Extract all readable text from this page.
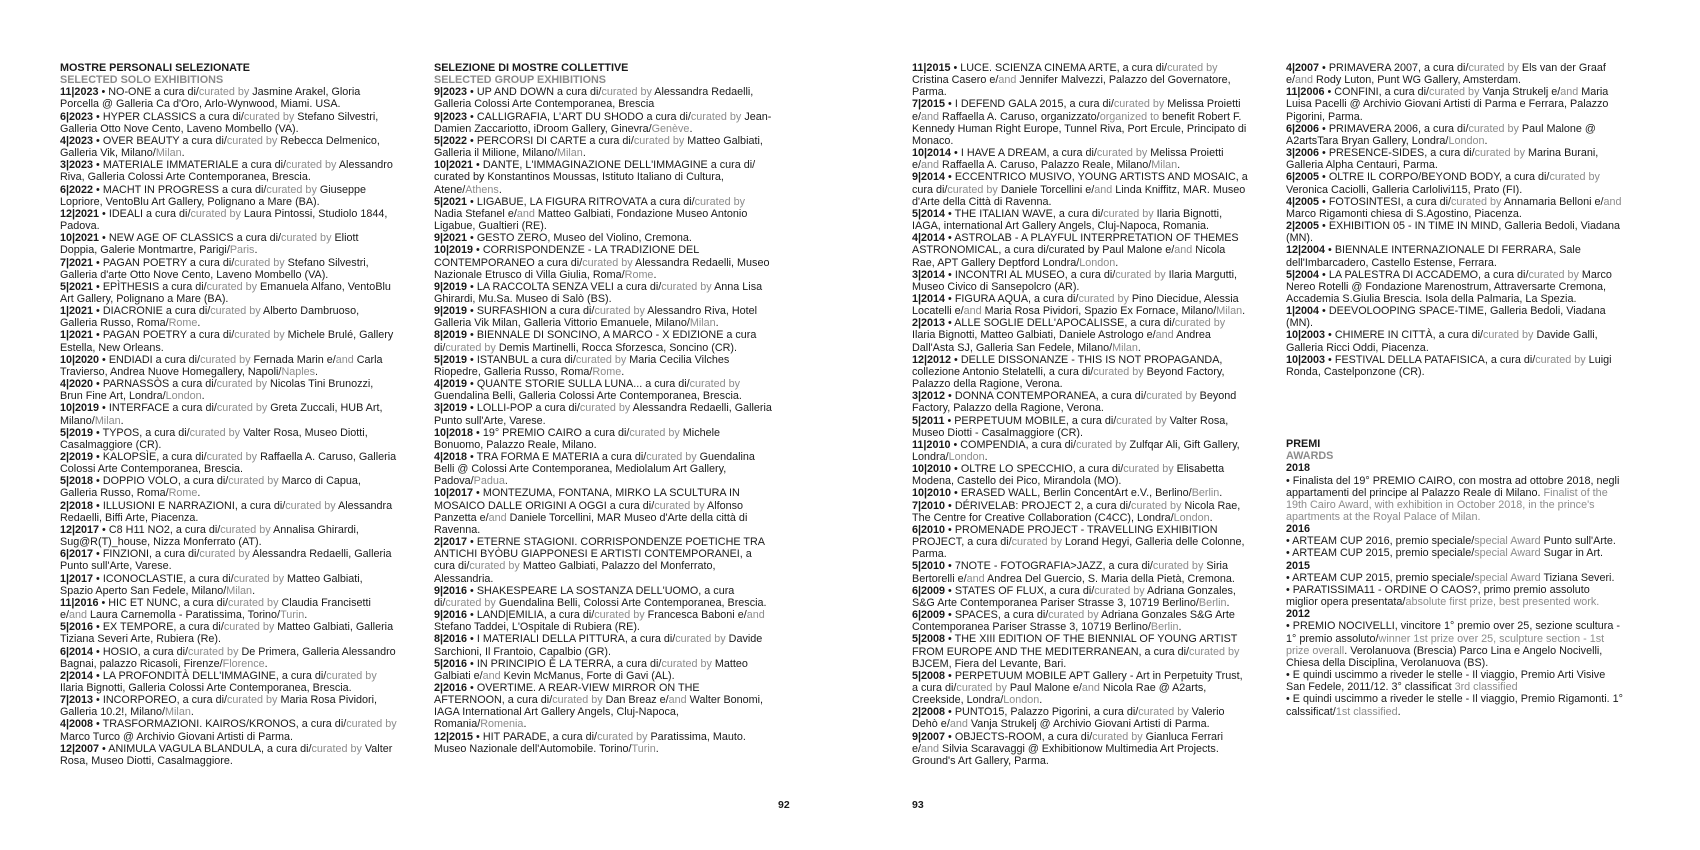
MOSTRE PERSONALI SELEZIONATE

SELECTED SOLO EXHIBITIONS

11|2023 • NO-ONE a cura di/curated by Jasmine Arakel, Gloria Porcella @ Galleria Ca d'Oro, Arlo-Wynwood, Miami. USA.

6|2023 • HYPER CLASSICS a cura di/curated by Stefano Silvestri, Galleria Otto Nove Cento, Laveno Mombello (VA).

4|2023 • OVER BEAUTY a cura di/curated by Rebecca Delmenico, Galleria Vik, Milano/Milan.

3|2023 • MATERIALE IMMATERIALE a cura di/curated by Alessandro Riva, Galleria Colossi Arte Contemporanea, Brescia.

6|2022 • MACHT IN PROGRESS a cura di/curated by Giuseppe Lopriore, VentoBlu Art Gallery, Polignano a Mare (BA).

12|2021 • IDEALI a cura di/curated by Laura Pintossi, Studiolo 1844, Padova.

10|2021 • NEW AGE OF CLASSICS a cura di/curated by Eliott Doppia, Galerie Montmartre, Parigi/Paris.

7|2021 • PAGAN POETRY a cura di/curated by Stefano Silvestri, Galleria d'arte Otto Nove Cento, Laveno Mombello (VA).

5|2021 • EPÌTHESIS a cura di/curated by Emanuela Alfano, VentoBlu Art Gallery, Polignano a Mare (BA).

1|2021 • DIACRONIE a cura di/curated by Alberto Dambruoso, Galleria Russo, Roma/Rome.

1|2021 • PAGAN POETRY a cura di/curated by Michele Brulé, Gallery Estella, New Orleans.

10|2020 • ENDIADI a cura di/curated by Fernada Marin e/and Carla Travierso, Andrea Nuove Homegallery, Napoli/Naples.

4|2020 • PARNASSÒS a cura di/curated by Nicolas Tini Brunozzi, Brun Fine Art, Londra/London.

10|2019 • INTERFACE a cura di/curated by Greta Zuccali, HUB Art, Milano/Milan.

5|2019 • TYPOS, a cura di/curated by Valter Rosa, Museo Diotti, Casalmaggiore (CR).

2|2019 • KALOPSÌE, a cura di/curated by Raffaella A. Caruso, Galleria Colossi Arte Contemporanea, Brescia.

5|2018 • DOPPIO VOLO, a cura di/curated by Marco di Capua, Galleria Russo, Roma/Rome.

2|2018 • ILLUSIONI E NARRAZIONI, a cura di/curated by Alessandra Redaelli, Biffi Arte, Piacenza.

12|2017 • C8 H11 NO2, a cura di/curated by Annalisa Ghirardi, Sug@R(T)_house, Nizza Monferrato (AT).

6|2017 • FINZIONI, a cura di/curated by Alessandra Redaelli, Galleria Punto sull'Arte, Varese.

1|2017 • ICONOCLASTIE, a cura di/curated by Matteo Galbiati, Spazio Aperto San Fedele, Milano/Milan.

11|2016 • HIC ET NUNC, a cura di/curated by Claudia Francisetti e/and Laura Carnemolla - Paratissima, Torino/Turin.

5|2016 • EX TEMPORE, a cura di/curated by Matteo Galbiati, Galleria Tiziana Severi Arte, Rubiera (Re).

6|2014 • HOSIO, a cura di/curated by De Primera, Galleria Alessandro Bagnai, palazzo Ricasoli, Firenze/Florence.

2|2014 • LA PROFONDITÀ DELL'IMMAGINE, a cura di/curated by Ilaria Bignotti, Galleria Colossi Arte Contemporanea, Brescia.

7|2013 • INCORPOREO, a cura di/curated by Maria Rosa Pividori, Galleria 10.2!, Milano/Milan.

4|2008 • TRASFORMAZIONI. KAIROS/KRONOS, a cura di/curated by Marco Turco @ Archivio Giovani Artisti di Parma.

12|2007 • ANIMULA VAGULA BLANDULA, a cura di/curated by Valter Rosa, Museo Diotti, Casalmaggiore.

SELEZIONE DI MOSTRE COLLETTIVE

SELECTED GROUP EXHIBITIONS

9|2023 • UP AND DOWN a cura di/curated by Alessandra Redaelli, Galleria Colossi Arte Contemporanea, Brescia

9|2023 • CALLIGRAFIA, L'ART DU SHODO a cura di/curated by Jean-Damien Zaccariotto, iDroom Gallery, Ginevra/Genève.

5|2022 • PERCORSI DI CARTE a cura di/curated by Matteo Galbiati, Galleria il Milione, Milano/Milan.

10|2021 • DANTE, L'IMMAGINAZIONE DELL'IMMAGINE a cura di/ curated by Konstantinos Moussas, Istituto Italiano di Cultura, Atene/Athens.

5|2021 • LIGABUE, LA FIGURA RITROVATA a cura di/curated by Nadia Stefanel e/and Matteo Galbiati, Fondazione Museo Antonio Ligabue, Gualtieri (RE).

9|2021 • GESTO ZERO, Museo del Violino, Cremona.

10|2019 • CORRISPONDENZE - LA TRADIZIONE DEL CONTEMPORANEO a cura di/curated by Alessandra Redaelli, Museo Nazionale Etrusco di Villa Giulia, Roma/Rome.

9|2019 • LA RACCOLTA SENZA VELI a cura di/curated by Anna Lisa Ghirardi, Mu.Sa. Museo di Salò (BS).

9|2019 • SURFASHION a cura di/curated by Alessandro Riva, Hotel Galleria Vik Milan, Galleria Vittorio Emanuele, Milano/Milan.

8|2019 • BIENNALE DI SONCINO, A MARCO - X EDIZIONE a cura di/curated by Demis Martinelli, Rocca Sforzesca, Soncino (CR).

5|2019 • ISTANBUL a cura di/curated by Maria Cecilia Vilches Riopedre, Galleria Russo, Roma/Rome.

4|2019 • QUANTE STORIE SULLA LUNA... a cura di/curated by Guendalina Belli, Galleria Colossi Arte Contemporanea, Brescia.

3|2019 • LOLLI-POP a cura di/curated by Alessandra Redaelli, Galleria Punto sull'Arte, Varese.

10|2018 • 19° PREMIO CAIRO a cura di/curated by Michele Bonuomo, Palazzo Reale, Milano.

4|2018 • TRA FORMA E MATERIA a cura di/curated by Guendalina Belli @ Colossi Arte Contemporanea, Mediolalum Art Gallery, Padova/Padua.

10|2017 • MONTEZUMA, FONTANA, MIRKO LA SCULTURA IN MOSAICO DALLE ORIGINI A OGGI a cura di/curated by Alfonso Panzetta e/and Daniele Torcellini, MAR Museo d'Arte della città di Ravenna.

2|2017 • ETERNE STAGIONI. CORRISPONDENZE POETICHE TRA ANTICHI BYÒBU GIAPPONESI E ARTISTI CONTEMPORANEI, a cura di/curated by Matteo Galbiati, Palazzo del Monferrato, Alessandria.

9|2016 • SHAKESPEARE LA SOSTANZA DELL'UOMO, a cura di/curated by Guendalina Belli, Colossi Arte Contemporanea, Brescia.

9|2016 • LAND|EMILIA, a cura di/curated by Francesca Baboni e/and Stefano Taddei, L'Ospitale di Rubiera (RE).

8|2016 • I MATERIALI DELLA PITTURA, a cura di/curated by Davide Sarchioni, Il Frantoio, Capalbio (GR).

5|2016 • IN PRINCIPIO È LA TERRA, a cura di/curated by Matteo Galbiati e/and Kevin McManus, Forte di Gavi (AL).

2|2016 • OVERTIME. A REAR-VIEW MIRROR ON THE AFTERNOON, a cura di/curated by Dan Breaz e/and Walter Bonomi, IAGA International Art Gallery Angels, Cluj-Napoca, Romania/Romenia.

12|2015 • HIT PARADE, a cura di/curated by Paratissima, Mauto. Museo Nazionale dell'Automobile. Torino/Turin.

11|2015 • LUCE. SCIENZA CINEMA ARTE, a cura di/curated by Cristina Casero e/and Jennifer Malvezzi, Palazzo del Governatore, Parma.

7|2015 • I DEFEND GALA 2015, a cura di/curated by Melissa Proietti e/and Raffaella A. Caruso, organizzato/organized to benefit Robert F. Kennedy Human Right Europe, Tunnel Riva, Port Ercule, Principato di Monaco.

10|2014 • I HAVE A DREAM, a cura di/curated by Melissa Proietti e/and Raffaella A. Caruso, Palazzo Reale, Milano/Milan.

9|2014 • ECCENTRICO MUSIVO, YOUNG ARTISTS AND MOSAIC, a cura di/curated by Daniele Torcellini e/and Linda Kniffitz, MAR. Museo d'Arte della Città di Ravenna.

5|2014 • THE ITALIAN WAVE, a cura di/curated by Ilaria Bignotti, IAGA, international Art Gallery Angels, Cluj-Napoca, Romania.

4|2014 • ASTROLAB - A PLAYFUL INTERPRETATION OF THEMES ASTRONOMICAL, a cura di/curated by Paul Malone e/and Nicola Rae, APT Gallery Deptford Londra/London.

3|2014 • INCONTRI AL MUSEO, a cura di/curated by Ilaria Margutti, Museo Civico di Sansepolcro (AR).

1|2014 • FIGURA AQUA, a cura di/curated by Pino Diecidue, Alessia Locatelli e/and Maria Rosa Pividori, Spazio Ex Fornace, Milano/Milan.

2|2013 • ALLE SOGLIE DELL'APOCALISSE, a cura di/curated by Ilaria Bignotti, Matteo Galbiati, Daniele Astrologo e/and Andrea Dall'Asta SJ, Galleria San Fedele, Milano/Milan.

12|2012 • DELLE DISSONANZE - THIS IS NOT PROPAGANDA, collezione Antonio Stelatelli, a cura di/curated by Beyond Factory, Palazzo della Ragione, Verona.

3|2012 • DONNA CONTEMPORANEA, a cura di/curated by Beyond Factory, Palazzo della Ragione, Verona.

5|2011 • PERPETUUM MOBILE, a cura di/curated by Valter Rosa, Museo Diotti - Casalmaggiore (CR).

11|2010 • COMPENDIA, a cura di/curated by Zulfqar Ali, Gift Gallery, Londra/London.

10|2010 • OLTRE LO SPECCHIO, a cura di/curated by Elisabetta Modena, Castello dei Pico, Mirandola (MO).

10|2010 • ERASED WALL, Berlin ConcentArt e.V., Berlino/Berlin.

7|2010 • DÉRIVELAB: PROJECT 2, a cura di/curated by Nicola Rae, The Centre for Creative Collaboration (C4CC), Londra/London.

6|2010 • PROMENADE PROJECT - TRAVELLING EXHIBITION PROJECT, a cura di/curated by Lorand Hegyi, Galleria delle Colonne, Parma.

5|2010 • 7NOTE - FOTOGRAFIA>JAZZ, a cura di/curated by Siria Bertorelli e/and Andrea Del Guercio, S. Maria della Pietà, Cremona.

6|2009 • STATES OF FLUX, a cura di/curated by Adriana Gonzales, S&G Arte Contemporanea Pariser Strasse 3, 10719 Berlino/Berlin.

6|2009 • SPACES, a cura di/curated by Adriana Gonzales S&G Arte Contemporanea Pariser Strasse 3, 10719 Berlino/Berlin.

5|2008 • THE XIII EDITION OF THE BIENNIAL OF YOUNG ARTIST FROM EUROPE AND THE MEDITERRANEAN, a cura di/curated by BJCEM, Fiera del Levante, Bari.

5|2008 • PERPETUUM MOBILE APT Gallery - Art in Perpetuity Trust, a cura di/curated by Paul Malone e/and Nicola Rae @ A2arts, Creekside, Londra/London.

2|2008 • PUNTO15, Palazzo Pigorini, a cura di/curated by Valerio Dehò e/and Vanja Strukelj @ Archivio Giovani Artisti di Parma.

9|2007 • OBJECTS-ROOM, a cura di/curated by Gianluca Ferrari e/and Silvia Scaravaggi @ Exhibitionow Multimedia Art Projects. Ground's Art Gallery, Parma.

4|2007 • PRIMAVERA 2007, a cura di/curated by Els van der Graaf e/and Rody Luton, Punt WG Gallery, Amsterdam.

11|2006 • CONFINI, a cura di/curated by Vanja Strukelj e/and Maria Luisa Pacelli @ Archivio Giovani Artisti di Parma e Ferrara, Palazzo Pigorini, Parma.

6|2006 • PRIMAVERA 2006, a cura di/curated by Paul Malone @ A2artsTara Bryan Gallery, Londra/London.

3|2006 • PRESENCE-SIDES, a cura di/curated by Marina Burani, Galleria Alpha Centauri, Parma.

6|2005 • OLTRE IL CORPO/BEYOND BODY, a cura di/curated by Veronica Caciolli, Galleria Carlolivi115, Prato (FI).

4|2005 • FOTOSINTESI, a cura di/curated by Annamaria Belloni e/and Marco Rigamonti chiesa di S.Agostino, Piacenza.

2|2005 • EXHIBITION 05 - IN TIME IN MIND, Galleria Bedoli, Viadana (MN).

12|2004 • BIENNALE INTERNAZIONALE DI FERRARA, Sale dell'Imbarcadero, Castello Estense, Ferrara.

5|2004 • LA PALESTRA DI ACCADEMO, a cura di/curated by Marco Nereo Rotelli @ Fondazione Marenostrum, Attraversarte Cremona, Accademia S.Giulia Brescia. Isola della Palmaria, La Spezia.

1|2004 • DEEVOLOOPING SPACE-TIME, Galleria Bedoli, Viadana (MN).

10|2003 • CHIMERE IN CITTÀ, a cura di/curated by Davide Galli, Galleria Ricci Oddi, Piacenza.

10|2003 • FESTIVAL DELLA PATAFISICA, a cura di/curated by Luigi Ronda, Castelponzone (CR).

PREMI

AWARDS

2018

• Finalista del 19° PREMIO CAIRO, con mostra ad ottobre 2018, negli appartamenti del principe al Palazzo Reale di Milano. Finalist of the 19th Cairo Award, with exhibition in October 2018, in the prince's apartments at the Royal Palace of Milan.

2016

• ARTEAM CUP 2016, premio speciale/special Award Punto sull'Arte.

• ARTEAM CUP 2015, premio speciale/special Award Sugar in Art.

2015

• ARTEAM CUP 2015, premio speciale/special Award Tiziana Severi.

• PARATISSIMA11 - ORDINE O CAOS?, primo premio assoluto miglior opera presentata/absolute first prize, best presented work.

2012

• PREMIO NOCIVELLI, vincitore 1° premio over 25, sezione scultura - 1° premio assoluto/winner 1st prize over 25, sculpture section - 1st prize overall. Verolanuova (Brescia) Parco Lina e Angelo Nocivelli, Chiesa della Disciplina, Verolanuova (BS).

• E quindi uscimmo a riveder le stelle - Il viaggio, Premio Arti Visive San Fedele, 2011/12. 3° classificat 3rd classified

• E quindi uscimmo a riveder le stelle - Il viaggio, Premio Rigamonti. 1° calssificat/1st classified.

92	93
